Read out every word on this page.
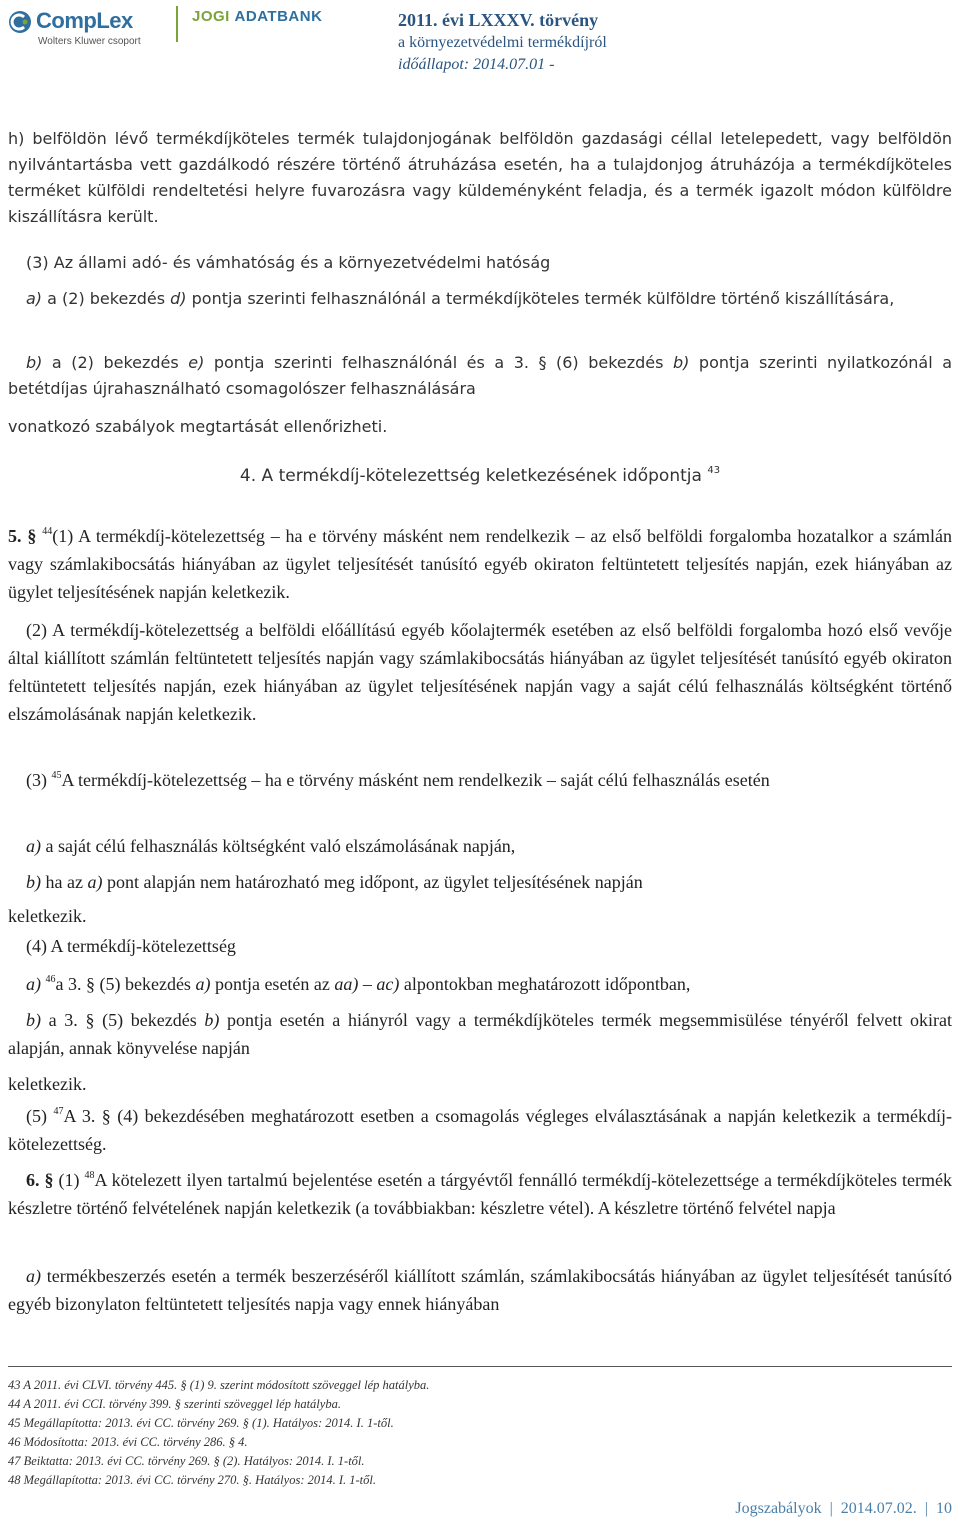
CompLex
Wolters Kluwer csoport
JOGI ADATBANK	2011. évi LXXXV. törvény
a környezetvédelmi termékdíjról
időállapot: 2014.07.01 -
h) belföldön lévő termékdíjköteles termék tulajdonjogának belföldön gazdasági céllal letelepedett, vagy belföldön nyilvántartásba vett gazdálkodó részére történő átruházása esetén, ha a tulajdonjog átruházója a termékdíjköteles terméket külföldi rendeltetési helyre fuvarozásra vagy küldeményként feladja, és a termék igazolt módon külföldre kiszállításra került.
(3) Az állami adó- és vámhatóság és a környezetvédelmi hatóság
a) a (2) bekezdés d) pontja szerinti felhasználónál a termékdíjköteles termék külföldre történő kiszállítására,
b) a (2) bekezdés e) pontja szerinti felhasználónál és a 3. § (6) bekezdés b) pontja szerinti nyilatkozónál a betétdíjas újrahasználható csomagolószer felhasználására
vonatkozó szabályok megtartását ellenőrizheti.
4. A termékdíj-kötelezettség keletkezésének időpontja $^{43}$
5. § $^{44}$(1) A termékdíj-kötelezettség – ha e törvény másként nem rendelkezik – az első belföldi forgalomba hozatalkor a számlán vagy számlakibocsátás hiányában az ügylet teljesítését tanúsító egyéb okiraton feltüntetett teljesítés napján, ezek hiányában az ügylet teljesítésének napján keletkezik.
(2) A termékdíj-kötelezettség a belföldi előállítású egyéb kőolajtermék esetében az első belföldi forgalomba hozó első vevője által kiállított számlán feltüntetett teljesítés napján vagy számlakibocsátás hiányában az ügylet teljesítését tanúsító egyéb okiraton feltüntetett teljesítés napján, ezek hiányában az ügylet teljesítésének napján vagy a saját célú felhasználás költségként történő elszámolásának napján keletkezik.
(3) $^{45}$A termékdíj-kötelezettség – ha e törvény másként nem rendelkezik – saját célú felhasználás esetén
a) a saját célú felhasználás költségként való elszámolásának napján,
b) ha az a) pont alapján nem határozható meg időpont, az ügylet teljesítésének napján
keletkezik.
(4) A termékdíj-kötelezettség
a) $^{46}$a 3. § (5) bekezdés a) pontja esetén az aa) – ac) alpontokban meghatározott időpontban,
b) a 3. § (5) bekezdés b) pontja esetén a hiányról vagy a termékdíjköteles termék megsemmisülése tényéről felvett okirat alapján, annak könyvelése napján
keletkezik.
(5) $^{47}$A 3. § (4) bekezdésében meghatározott esetben a csomagolás végleges elválasztásának a napján keletkezik a termékdíj-kötelezettség.
6. § (1) $^{48}$A kötelezett ilyen tartalmú bejelentése esetén a tárgyévtől fennálló termékdíj-kötelezettsége a termékdíjköteles termék készletre történő felvételének napján keletkezik (a továbbiakban: készletre vétel). A készletre történő felvétel napja
a) termékbeszerzés esetén a termék beszerzéséről kiállított számlán, számlakibocsátás hiányában az ügylet teljesítését tanúsító egyéb bizonylaton feltüntetett teljesítés napja vagy ennek hiányában
43 A 2011. évi CLVI. törvény 445. § (1) 9. szerint módosított szöveggel lép hatályba.
44 A 2011. évi CCI. törvény 399. § szerinti szöveggel lép hatályba.
45 Megállapította: 2013. évi CC. törvény 269. § (1). Hatályos: 2014. I. 1-től.
46 Módosította: 2013. évi CC. törvény 286. § 4.
47 Beiktatta: 2013. évi CC. törvény 269. § (2). Hatályos: 2014. I. 1-től.
48 Megállapította: 2013. évi CC. törvény 270. §. Hatályos: 2014. I. 1-től.
Jogszabályok | 2014.07.02. | 10
